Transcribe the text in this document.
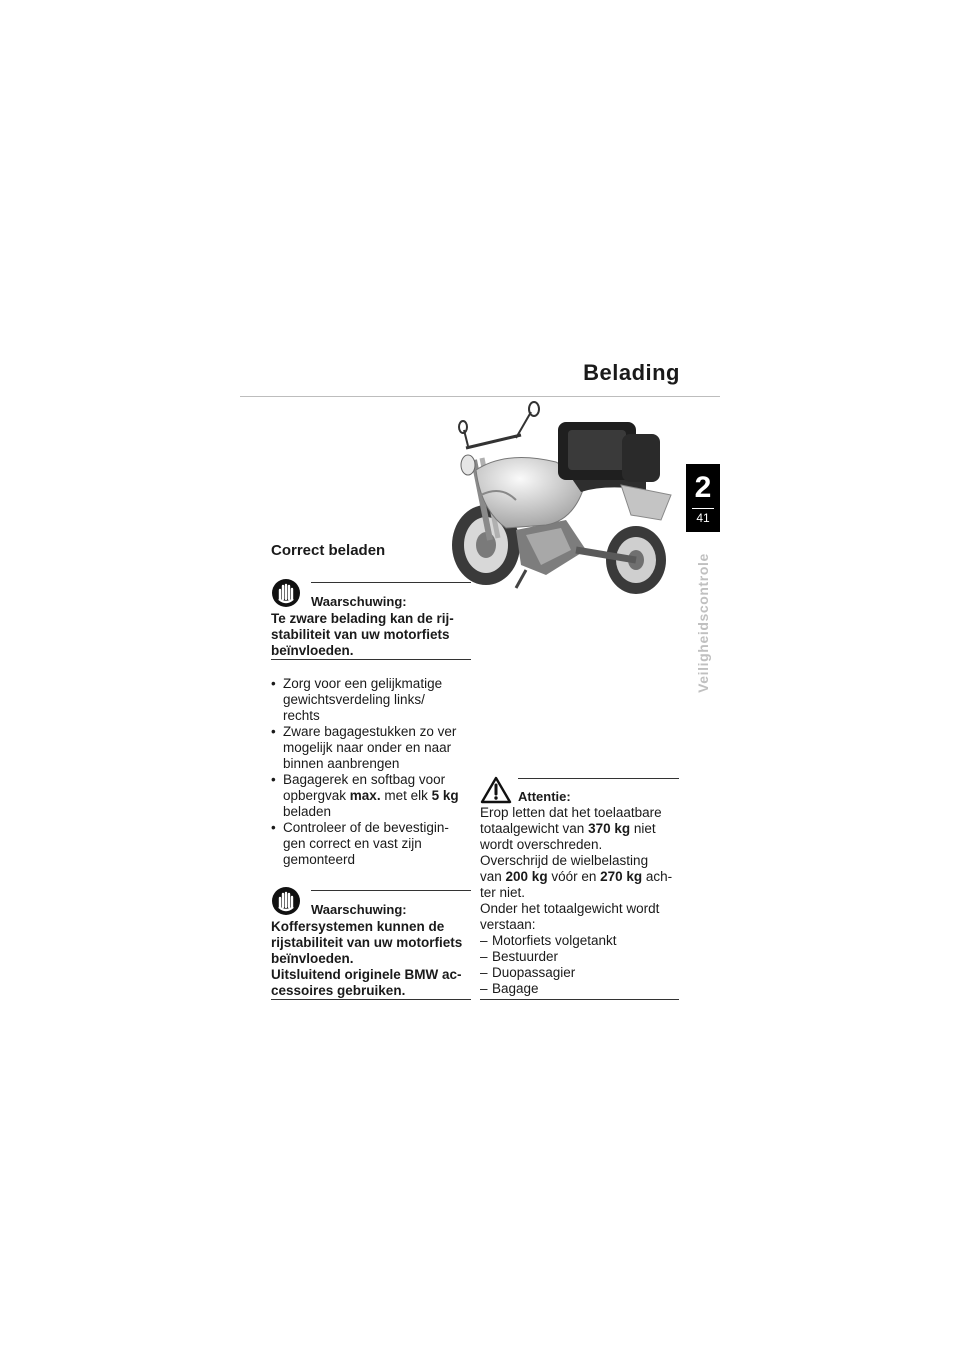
Belading
2
41
Veiligheidscontrole
Correct beladen
Waarschuwing:
Te zware belading kan de rij-
stabiliteit van uw motorfiets
beïnvloeden.
• Zorg voor een gelijkmatige
gewichtsverdeling links/
rechts
• Zware bagagestukken zo ver
mogelijk naar onder en naar
binnen aanbrengen
• Bagagerek en softbag voor
opbergvak max. met elk 5 kg
beladen
• Controleer of de bevestigin-
gen correct en vast zijn
gemonteerd
Waarschuwing:
Koffersystemen kunnen de
rijstabiliteit van uw motorfiets
beïnvloeden.
Uitsluitend originele BMW ac-
cessoires gebruiken.
Attentie:
Erop letten dat het toelaatbare
totaalgewicht van 370 kg niet
wordt overschreden.
Overschrijd de wielbelasting
van 200 kg vóór en 270 kg ach-
ter niet.
Onder het totaalgewicht wordt
verstaan:
– Motorfiets volgetankt
– Bestuurder
– Duopassagier
– Bagage
